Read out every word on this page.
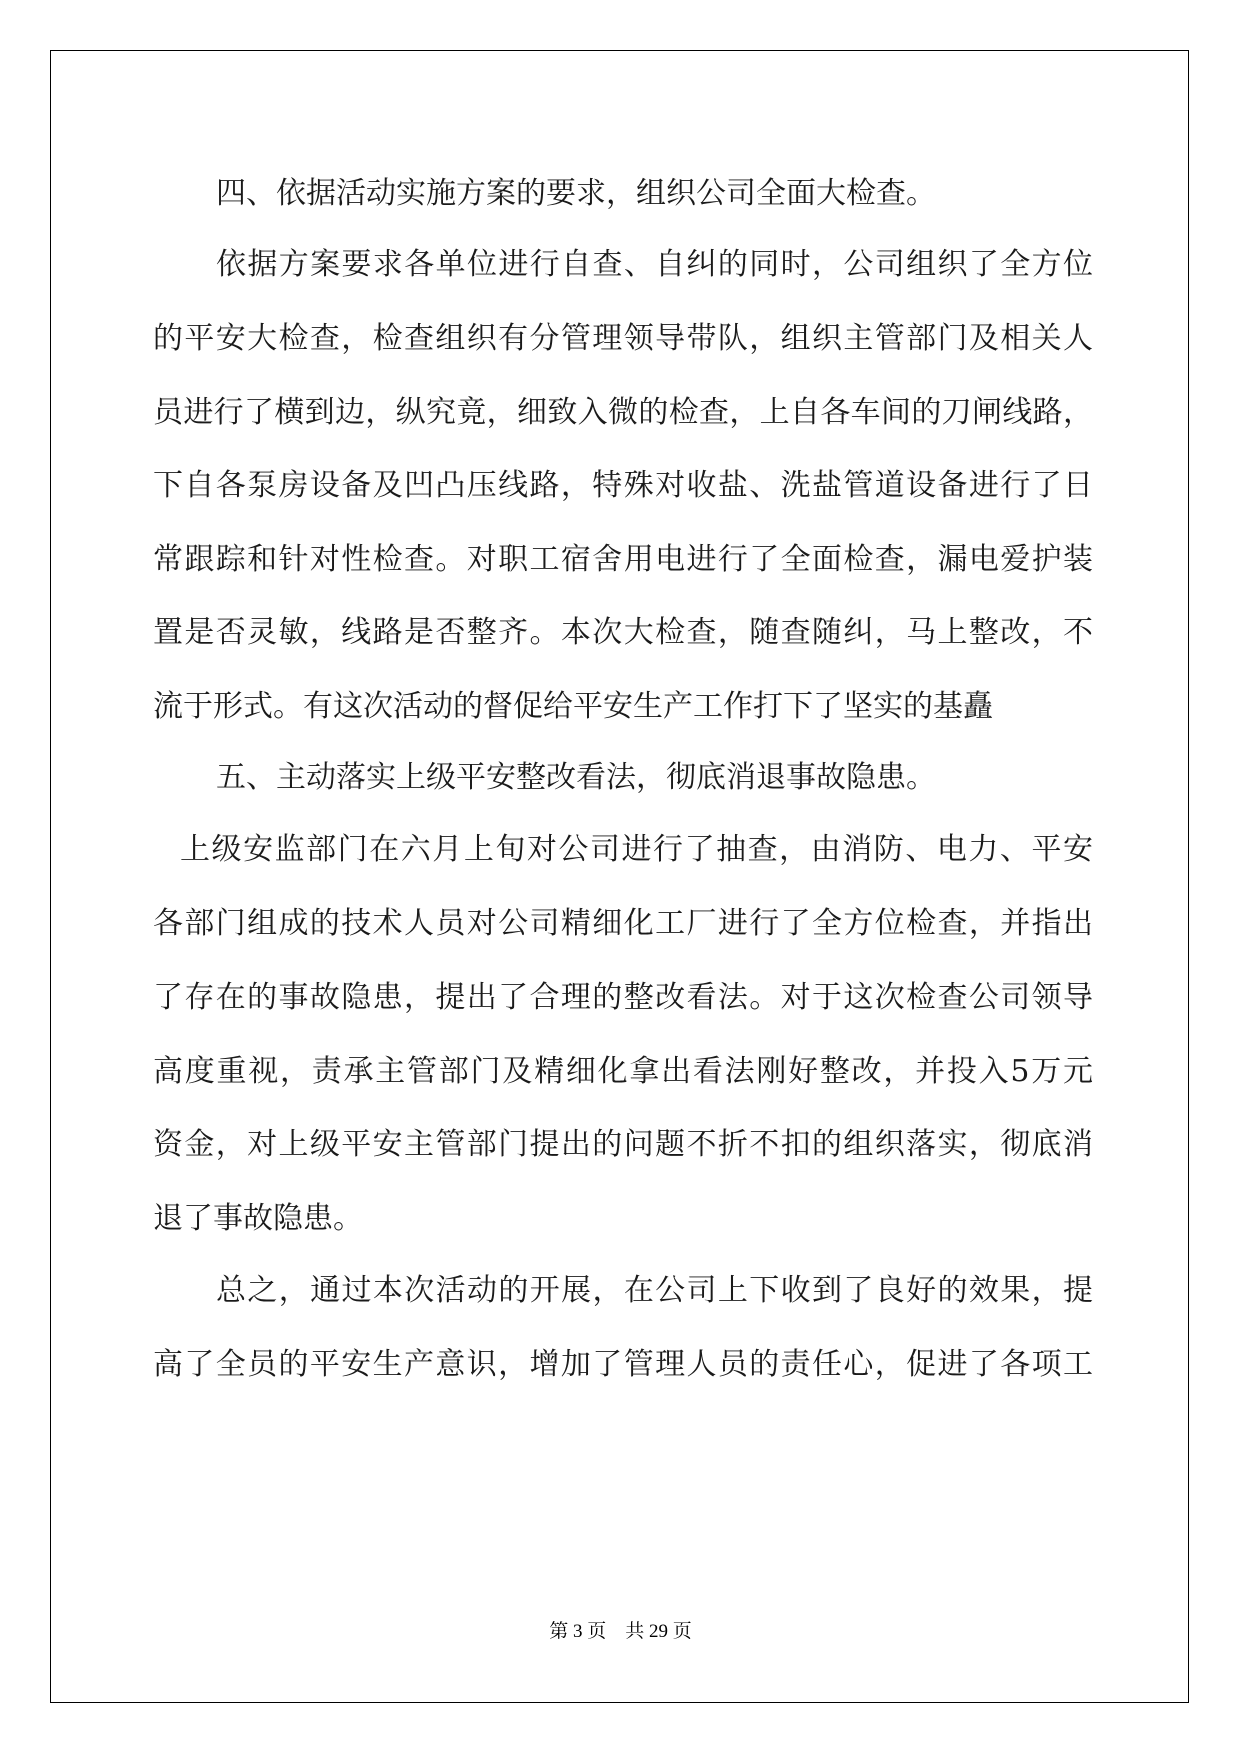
四、依据活动实施方案的要求，组织公司全面大检查。
依据方案要求各单位进行自查、自纠的同时，公司组织了全方位
的平安大检查，检查组织有分管理领导带队，组织主管部门及相关人
员进行了横到边，纵究竟，细致入微的检查，上自各车间的刀闸线路，
下自各泵房设备及凹凸压线路，特殊对收盐、洗盐管道设备进行了日
常跟踪和针对性检查。对职工宿舍用电进行了全面检查，漏电爱护装
置是否灵敏，线路是否整齐。本次大检查，随查随纠，马上整改，不
流于形式。有这次活动的督促给平安生产工作打下了坚实的基矗
五、主动落实上级平安整改看法，彻底消退事故隐患。
上级安监部门在六月上旬对公司进行了抽查，由消防、电力、平安
各部门组成的技术人员对公司精细化工厂进行了全方位检查，并指出
了存在的事故隐患，提出了合理的整改看法。对于这次检查公司领导
高度重视，责承主管部门及精细化拿出看法刚好整改，并投入5万元
资金，对上级平安主管部门提出的问题不折不扣的组织落实，彻底消
退了事故隐患。
总之，通过本次活动的开展，在公司上下收到了良好的效果，提
高了全员的平安生产意识，增加了管理人员的责任心，促进了各项工
第 3 页    共 29 页
